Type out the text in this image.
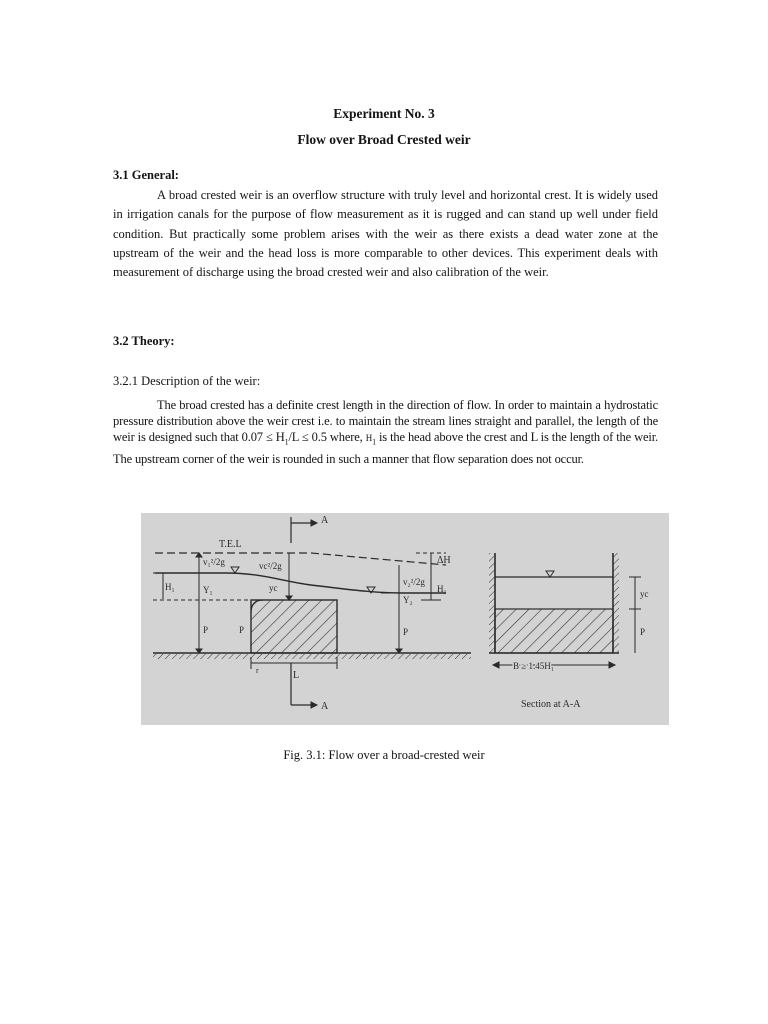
Experiment No. 3
Flow over Broad Crested weir
3.1 General:
A broad crested weir is an overflow structure with truly level and horizontal crest. It is widely used in irrigation canals for the purpose of flow measurement as it is rugged and can stand up well under field condition. But practically some problem arises with the weir as there exists a dead water zone at the upstream of the weir and the head loss is more comparable to other devices. This experiment deals with measurement of discharge using the broad crested weir and also calibration of the weir.
3.2 Theory:
3.2.1 Description of the weir:
The broad crested has a definite crest length in the direction of flow. In order to maintain a hydrostatic pressure distribution above the weir crest i.e. to maintain the stream lines straight and parallel, the length of the weir is designed such that $0.07 \le H_1/L \le 0.5$ where, $H_1$ is the head above the crest and L is the length of the weir. The upstream corner of the weir is rounded in such a manner that flow separation does not occur.
A
A
T.E.L
v₁²/2g	vc²/2g
v₂²/2g
ΔH
H₁	H₁
Y₁	yc
Y₂
P	P	P
r	L
yc
P
B ≥ 1.45H₁
Section at A-A
Fig. 3.1: Flow over a broad-crested weir
